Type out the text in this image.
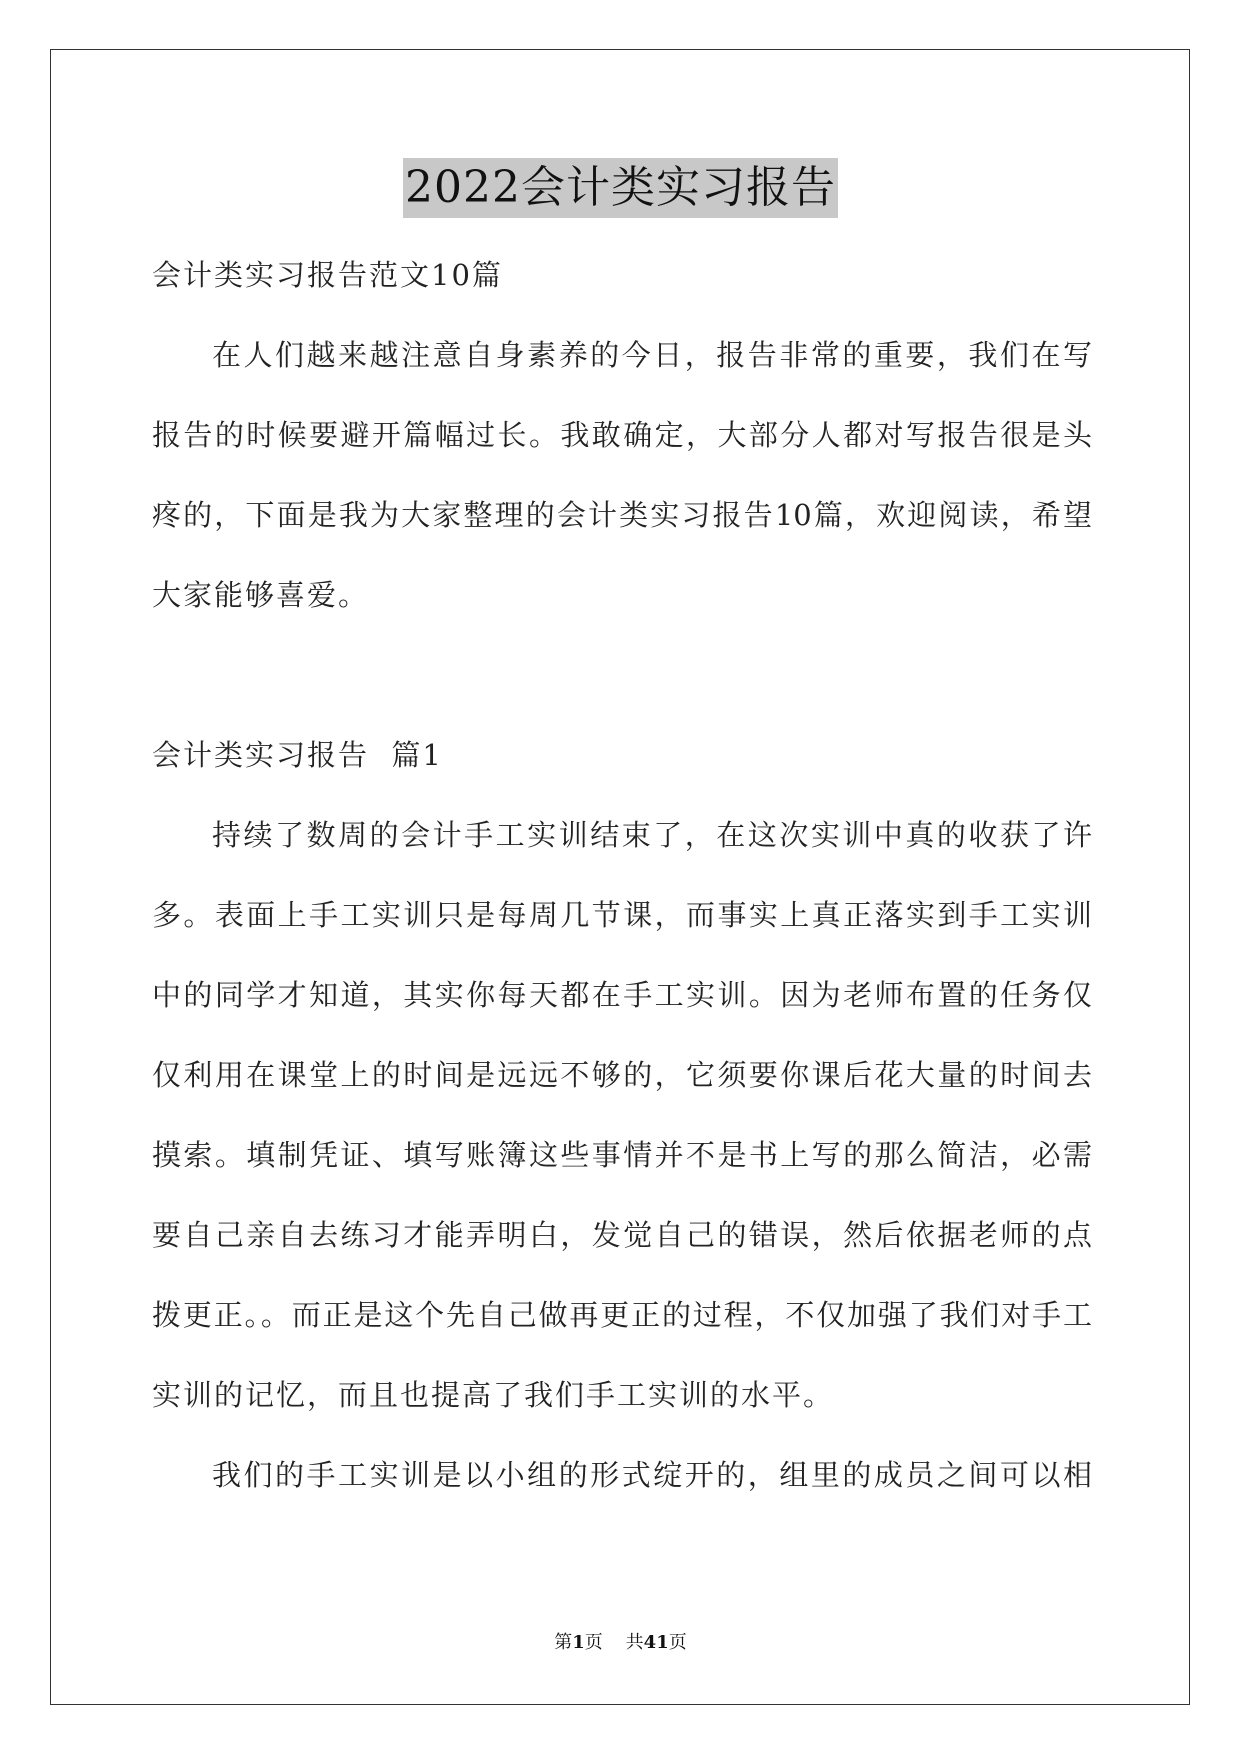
2022会计类实习报告
会计类实习报告范文10篇
在人们越来越注意自身素养的今日，报告非常的重要，我们在写
报告的时候要避开篇幅过长。我敢确定，大部分人都对写报告很是头
疼的，下面是我为大家整理的会计类实习报告10篇，欢迎阅读，希望
大家能够喜爱。
会计类实习报告  篇1
持续了数周的会计手工实训结束了，在这次实训中真的收获了许
多。表面上手工实训只是每周几节课，而事实上真正落实到手工实训
中的同学才知道，其实你每天都在手工实训。因为老师布置的任务仅
仅利用在课堂上的时间是远远不够的，它须要你课后花大量的时间去
摸索。填制凭证、填写账簿这些事情并不是书上写的那么简洁，必需
要自己亲自去练习才能弄明白，发觉自己的错误，然后依据老师的点
拨更正。。而正是这个先自己做再更正的过程，不仅加强了我们对手工
实训的记忆，而且也提高了我们手工实训的水平。
我们的手工实训是以小组的形式绽开的，组里的成员之间可以相
第1页 共41页
